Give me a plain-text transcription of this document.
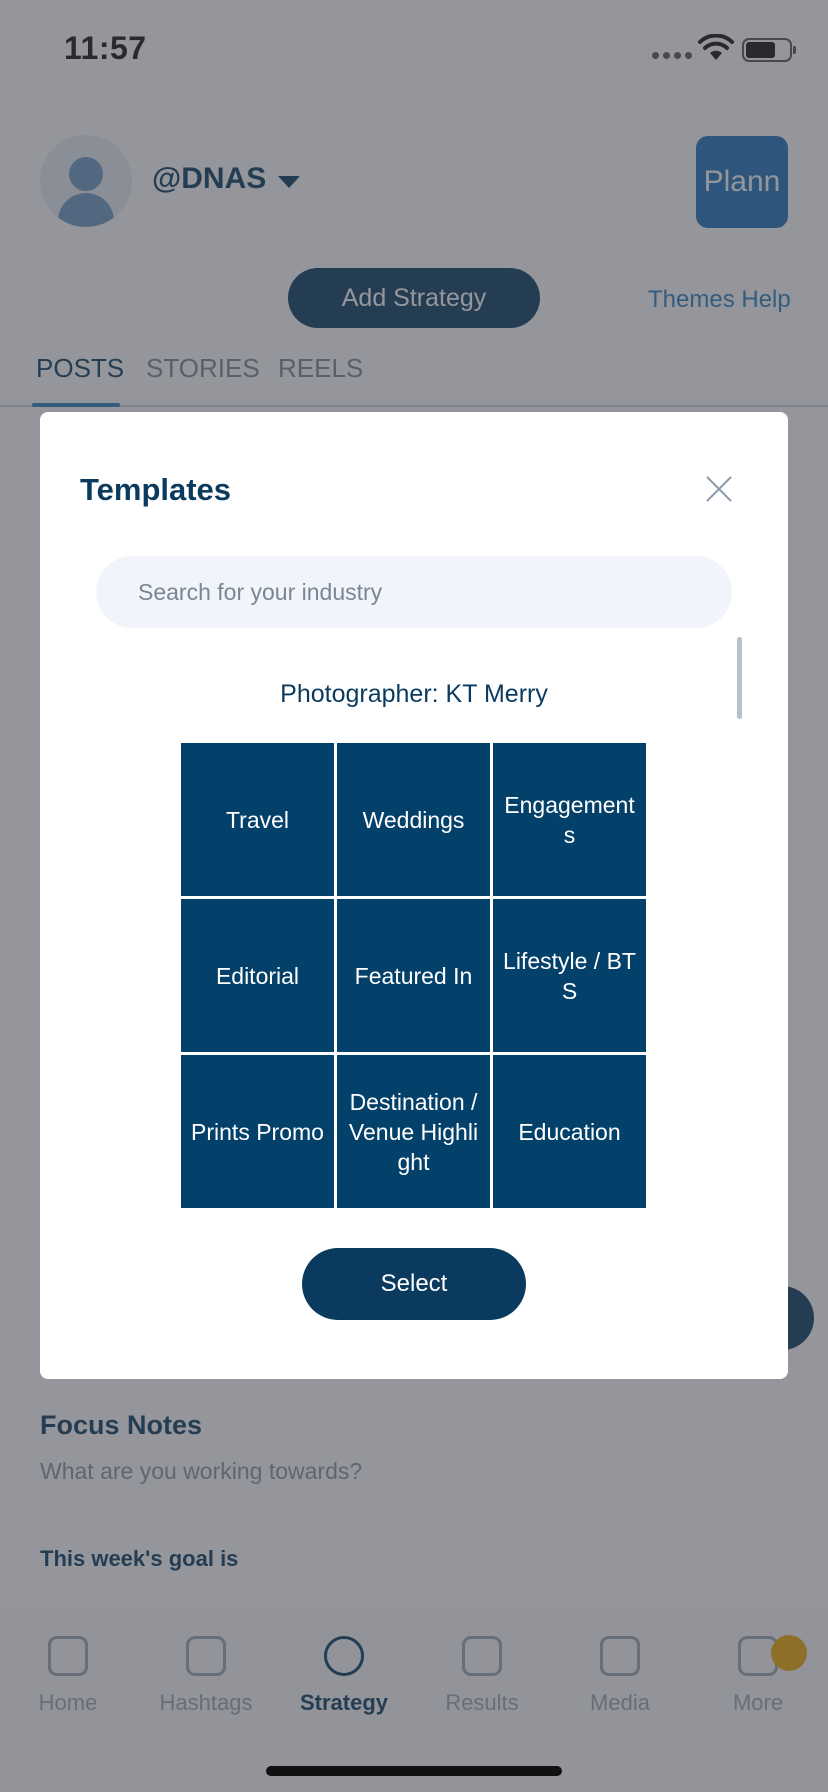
Templates
Search for your industry
Photographer: KT Merry
Travel	Weddings
Engagements
Editorial	Featured In
Lifestyle / BTS
Prints Promo
Destination / Venue Highlight
Education
Select
